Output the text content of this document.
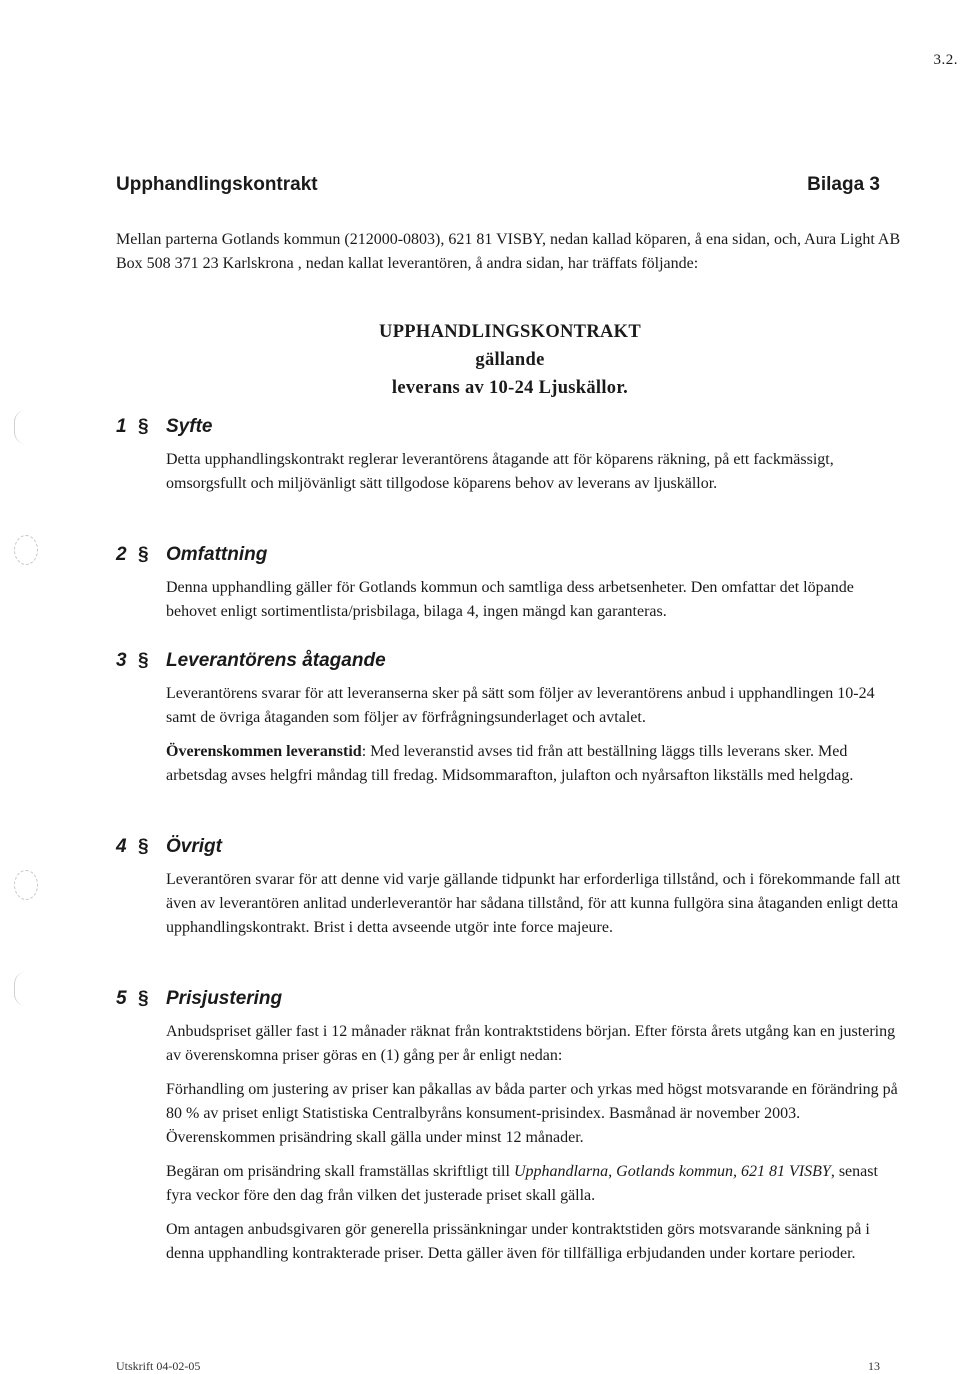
3.2.
Upphandlingskontrakt	Bilaga 3
Mellan parterna Gotlands kommun (212000-0803), 621 81 VISBY, nedan kallad köparen, å ena sidan, och, Aura Light AB Box 508 371 23 Karlskrona , nedan kallat leverantören, å andra sidan, har träffats följande:
UPPHANDLINGSKONTRAKT
gällande
leverans av 10-24 Ljuskällor.
1 § Syfte

Detta upphandlingskontrakt reglerar leverantörens åtagande att för köparens räkning, på ett fackmässigt, omsorgsfullt och miljövänligt sätt tillgodose köparens behov av leverans av ljuskällor.

2 § Omfattning

Denna upphandling gäller för Gotlands kommun och samtliga dess arbetsenheter. Den omfattar det löpande behovet enligt sortimentlista/prisbilaga, bilaga 4, ingen mängd kan garanteras.

3 § Leverantörens åtagande

Leverantörens svarar för att leveranserna sker på sätt som följer av leverantörens anbud i upphandlingen 10-24 samt de övriga åtaganden som följer av förfrågningsunderlaget och avtalet.

Överenskommen leveranstid: Med leveranstid avses tid från att beställning läggs tills leverans sker. Med arbetsdag avses helgfri måndag till fredag. Midsommarafton, julafton och nyårsafton likställs med helgdag.

4 § Övrigt

Leverantören svarar för att denne vid varje gällande tidpunkt har erforderliga tillstånd, och i förekommande fall att även av leverantören anlitad underleverantör har sådana tillstånd, för att kunna fullgöra sina åtaganden enligt detta upphandlingskontrakt. Brist i detta avseende utgör inte force majeure.

5 § Prisjustering

Anbudspriset gäller fast i 12 månader räknat från kontraktstidens början. Efter första årets utgång kan en justering av överenskomna priser göras en (1) gång per år enligt nedan:

Förhandling om justering av priser kan påkallas av båda parter och yrkas med högst motsvarande en förändring på 80 % av priset enligt Statistiska Centralbyråns konsument-prisindex. Basmånad är november 2003. Överenskommen prisändring skall gälla under minst 12 månader.

Begäran om prisändring skall framställas skriftligt till Upphandlarna, Gotlands kommun, 621 81 VISBY, senast fyra veckor före den dag från vilken det justerade priset skall gälla.

Om antagen anbudsgivaren gör generella prissänkningar under kontraktstiden görs motsvarande sänkning på i denna upphandling kontrakterade priser. Detta gäller även för tillfälliga erbjudanden under kortare perioder.

Utskrift 04-02-05	13
